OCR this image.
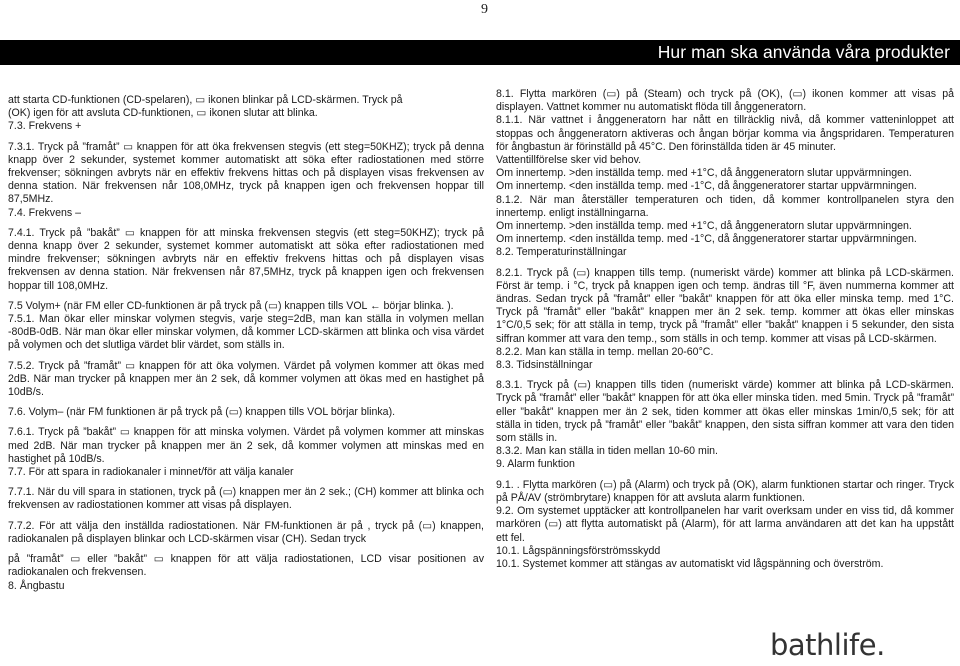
9
Hur man ska använda våra produkter
att starta CD-funktionen (CD-spelaren), ▭ ikonen blinkar på LCD-skärmen. Tryck på
(OK) igen för att avsluta CD-funktionen, ▭ ikonen slutar att blinka.
7.3. Frekvens +
7.3.1. Tryck på ”framåt” ▭ knappen för att öka frekvensen stegvis (ett steg=50KHZ); tryck på denna knapp över 2 sekunder, systemet kommer automatiskt att söka efter radiostationen med större frekvenser; sökningen avbryts när en effektiv frekvens hittas och på displayen visas frekvensen av denna station. När frekvensen når 108,0MHz, tryck på knappen igen och frekvensen hoppar till 87,5MHz.
7.4. Frekvens –
7.4.1. Tryck på ”bakåt” ▭ knappen för att minska frekvensen stegvis (ett steg=50KHZ); tryck på denna knapp över 2 sekunder, systemet kommer automatiskt att söka efter radiostationen med mindre frekvenser; sökningen avbryts när en effektiv frekvens hittas och på displayen visas frekvensen av denna station. När frekvensen når 87,5MHz, tryck på knappen igen och frekvensen hoppar till 108,0MHz.
7.5 Volym+ (när FM eller CD-funktionen är på tryck på (▭) knappen tills VOL ← börjar blinka. ).
7.5.1. Man ökar eller minskar volymen stegvis, varje steg=2dB, man kan ställa in volymen mellan -80dB-0dB. När man ökar eller minskar volymen, då kommer LCD-skärmen att blinka och visa värdet på volymen och det slutliga värdet blir värdet, som ställs in.
7.5.2. Tryck på ”framåt” ▭ knappen för att öka volymen. Värdet på volymen kommer att ökas med 2dB. När man trycker på knappen mer än 2 sek, då kommer volymen att ökas med en hastighet på 10dB/s.
7.6. Volym– (när FM funktionen är på tryck på (▭) knappen tills VOL börjar blinka).
7.6.1. Tryck på ”bakåt” ▭ knappen för att minska volymen. Värdet på volymen kommer att minskas med 2dB. När man trycker på knappen mer än 2 sek, då kommer volymen att minskas med en hastighet på 10dB/s.
7.7. För att spara in radiokanaler i minnet/för att välja kanaler
7.7.1. När du vill spara in stationen, tryck på (▭) knappen mer än 2 sek.; (CH) kommer att blinka och frekvensen av radiostationen kommer att visas på displayen.
7.7.2. För att välja den inställda radiostationen. När FM-funktionen är på , tryck på (▭) knappen, radiokanalen på displayen blinkar och LCD-skärmen visar (CH). Sedan tryck
på ”framåt” ▭ eller ”bakåt” ▭ knappen för att välja radiostationen, LCD visar positionen av radiokanalen och frekvensen.
8. Ångbastu
8.1. Flytta markören (▭) på (Steam) och tryck på (OK), (▭) ikonen kommer att visas på displayen. Vattnet kommer nu automatiskt flöda till ånggeneratorn.
8.1.1. När vattnet i ånggeneratorn har nått en tillräcklig nivå, då kommer vatteninloppet att stoppas och ånggeneratorn aktiveras och ångan börjar komma via ångspridaren. Temperaturen för ångbastun är förinställd på 45°C. Den förinställda tiden är 45 minuter.
Vattentillförelse sker vid behov.
Om innertemp. >den inställda temp. med +1°C, då ånggeneratorn slutar uppvärmningen.
Om innertemp. <den inställda temp. med -1°C, då ånggeneratorer startar uppvärmningen.
8.1.2. När man återställer temperaturen och tiden, då kommer kontrollpanelen styra den innertemp. enligt inställningarna.
Om innertemp. >den inställda temp. med +1°C, då ånggeneratorn slutar uppvärmningen.
Om innertemp. <den inställda temp. med -1°C, då ånggeneratorer startar uppvärmningen.
8.2. Temperaturinställningar
8.2.1. Tryck på (▭) knappen tills temp. (numeriskt värde) kommer att blinka på LCD-skärmen. Först är temp. i °C, tryck på knappen igen och temp. ändras till °F, även nummerna kommer att ändras. Sedan tryck på ”framåt” eller ”bakåt” knappen för att öka eller minska temp. med 1°C. Tryck på ”framåt” eller ”bakåt” knappen mer än 2 sek. temp. kommer att ökas eller minskas 1°C/0,5 sek; för att ställa in temp, tryck på ”framåt” eller ”bakåt” knappen i 5 sekunder, den sista siffran kommer att vara den temp., som ställs in och temp. kommer att visas på LCD-skärmen.
8.2.2. Man kan ställa in temp. mellan 20-60°C.
8.3. Tidsinställningar
8.3.1. Tryck på (▭) knappen tills tiden (numeriskt värde) kommer att blinka på LCD-skärmen. Tryck på ”framåt” eller ”bakåt” knappen för att öka eller minska tiden. med 5min. Tryck på ”framåt” eller ”bakåt” knappen mer än 2 sek, tiden kommer att ökas eller minskas 1min/0,5 sek; för att ställa in tiden, tryck på ”framåt” eller ”bakåt” knappen, den sista siffran kommer att vara den tiden som ställs in.
8.3.2. Man kan ställa in tiden mellan 10-60 min.
9. Alarm funktion
9.1. . Flytta markören (▭) på (Alarm) och tryck på (OK), alarm funktionen startar och ringer. Tryck på PÅ/AV (strömbrytare) knappen för att avsluta alarm funktionen.
9.2. Om systemet upptäcker att kontrollpanelen har varit overksam under en viss tid, då kommer markören (▭) att flytta automatiskt på (Alarm), för att larma användaren att det kan ha uppstått ett fel.
10.1. Lågspänningsförströmsskydd
10.1. Systemet kommer att stängas av automatiskt vid lågspänning och överström.
bathlife.
